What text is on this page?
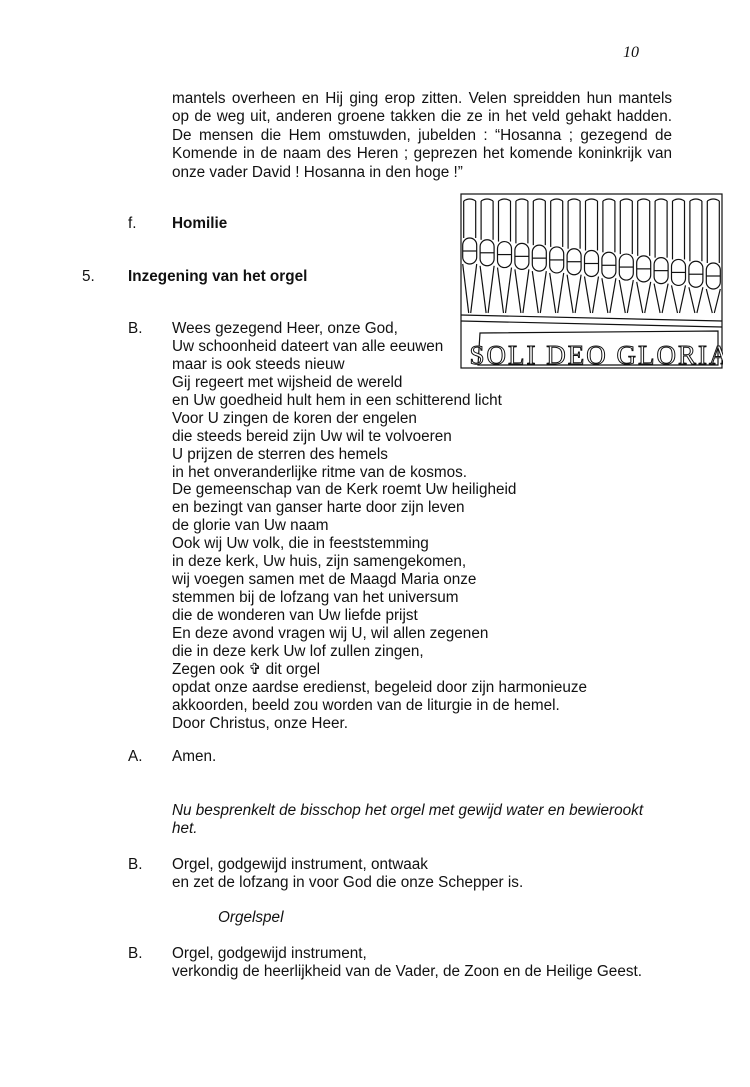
10
mantels overheen en Hij ging erop zitten. Velen spreidden hun mantels
op de weg uit, anderen groene takken die ze in het veld gehakt hadden.
De mensen die Hem omstuwden, jubelden : “Hosanna ; gezegend de
Komende in de naam des Heren ; geprezen het komende koninkrijk van
onze vader David ! Hosanna in den hoge !”
f. Homilie
5. Inzegening van het orgel
SOLI DEO GLORIA
B. Wees gezegend Heer, onze God,
Uw schoonheid dateert van alle eeuwen
maar is ook steeds nieuw
Gij regeert met wijsheid de wereld
en Uw goedheid hult hem in een schitterend licht
Voor U zingen de koren der engelen
die steeds bereid zijn Uw wil te volvoeren
U prijzen de sterren des hemels
in het onveranderlijke ritme van de kosmos.
De gemeenschap van de Kerk roemt Uw heiligheid
en bezingt van ganser harte door zijn leven
de glorie van Uw naam
Ook wij Uw volk, die in feeststemming
in deze kerk, Uw huis, zijn samengekomen,
wij voegen samen met de Maagd Maria onze
stemmen bij de lofzang van het universum
die de wonderen van Uw liefde prijst
En deze avond vragen wij U, wil allen zegenen
die in deze kerk Uw lof zullen zingen,
Zegen ook ✞ dit orgel
opdat onze aardse eredienst, begeleid door zijn harmonieuze
akkoorden, beeld zou worden van de liturgie in de hemel.
Door Christus, onze Heer.
A. Amen.
Nu besprenkelt de bisschop het orgel met gewijd water en bewierookt
het.
B. Orgel, godgewijd instrument, ontwaak
en zet de lofzang in voor God die onze Schepper is.
Orgelspel
B. Orgel, godgewijd instrument,
verkondig de heerlijkheid van de Vader, de Zoon en de Heilige Geest.
